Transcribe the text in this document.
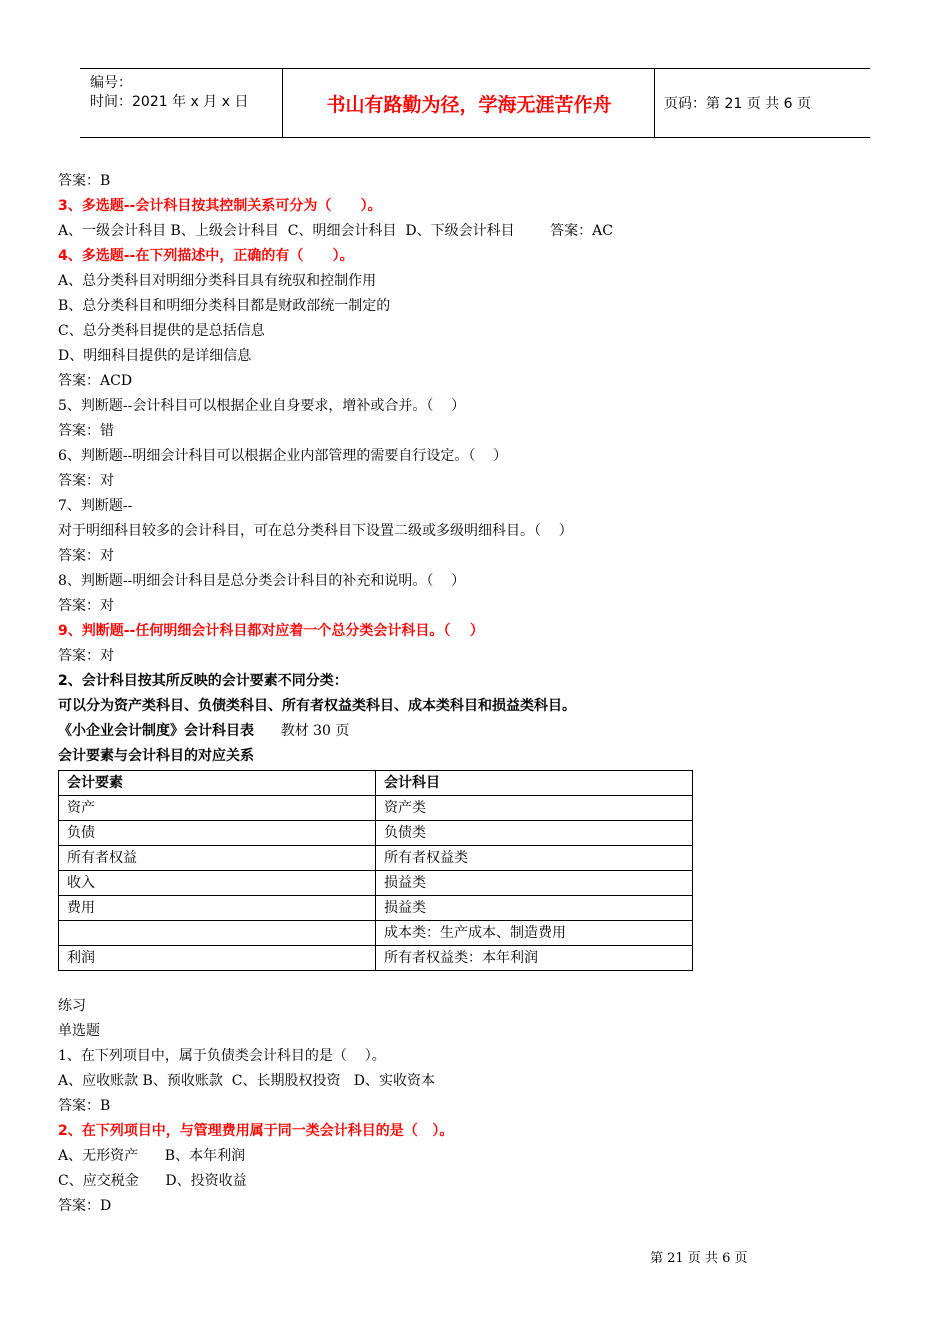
编号：
时间：2021 年 x 月 x 日	书山有路勤为径，学海无涯苦作舟	页码：第 21 页 共 6 页
答案：B
3、多选题--会计科目按其控制关系可分为（      ）。
A、一级会计科目 B、上级会计科目  C、明细会计科目  D、下级会计科目        答案：AC
4、多选题--在下列描述中，正确的有（      ）。
A、总分类科目对明细分类科目具有统驭和控制作用
B、总分类科目和明细分类科目都是财政部统一制定的
C、总分类科目提供的是总括信息
D、明细科目提供的是详细信息
答案：ACD
5、判断题--会计科目可以根据企业自身要求，增补或合并。（    ）
答案：错
6、判断题--明细会计科目可以根据企业内部管理的需要自行设定。（    ）
答案：对
7、判断题--
对于明细科目较多的会计科目，可在总分类科目下设置二级或多级明细科目。（    ）
答案：对
8、判断题--明细会计科目是总分类会计科目的补充和说明。（    ）
答案：对
9、判断题--任何明细会计科目都对应着一个总分类会计科目。（    ）
答案：对
2、会计科目按其所反映的会计要素不同分类：
可以分为资产类科目、负债类科目、所有者权益类科目、成本类科目和损益类科目。
《小企业会计制度》会计科目表      教材 30 页
会计要素与会计科目的对应关系
会计要素	会计科目
资产	资产类
负债	负债类
所有者权益	所有者权益类
收入	损益类
费用	损益类
	成本类：生产成本、制造费用
利润	所有者权益类：本年利润
练习
单选题
1、在下列项目中，属于负债类会计科目的是（    ）。
A、应收账款 B、预收账款  C、长期股权投资   D、实收资本
答案：B
2、在下列项目中，与管理费用属于同一类会计科目的是（   ）。
A、无形资产      B、本年利润
C、应交税金      D、投资收益
答案：D
第 21 页 共 6 页
